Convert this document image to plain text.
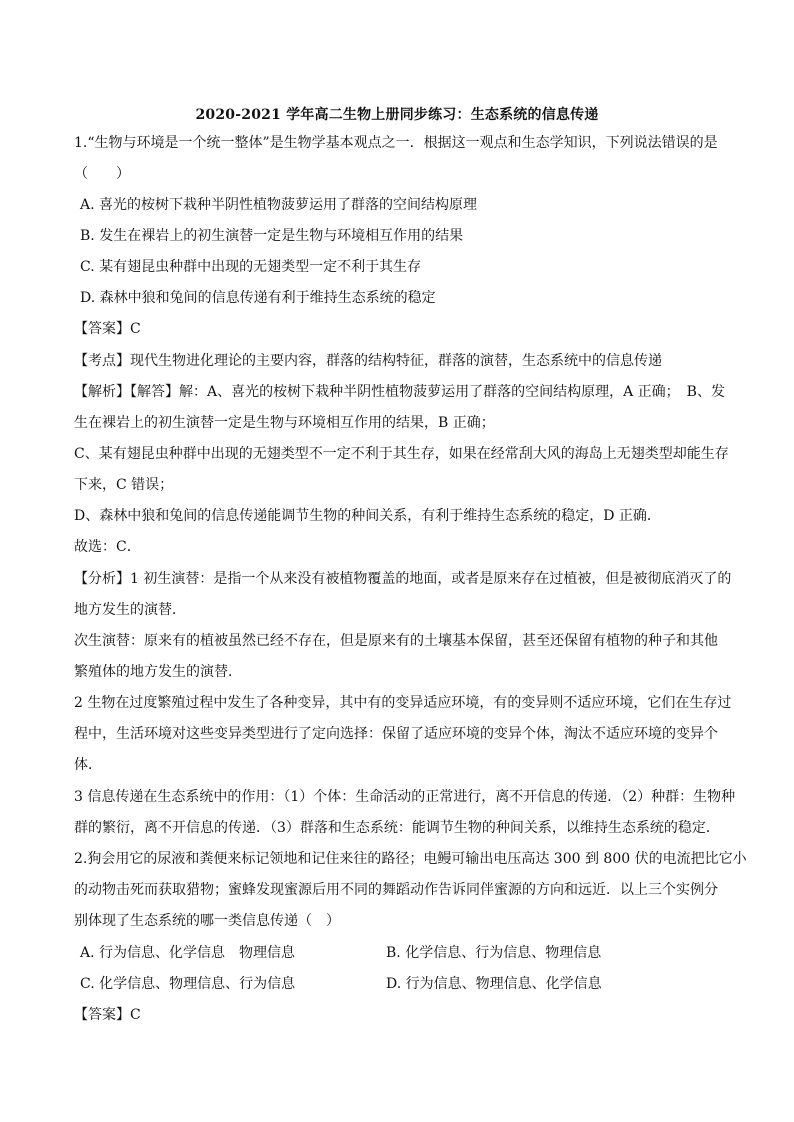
2020-2021 学年高二生物上册同步练习：生态系统的信息传递
1.“生物与环境是一个统一整体”是生物学基本观点之一．根据这一观点和生态学知识，下列说法错误的是
（ ）
A. 喜光的桉树下栽种半阴性植物菠萝运用了群落的空间结构原理
B. 发生在裸岩上的初生演替一定是生物与环境相互作用的结果
C. 某有翅昆虫种群中出现的无翅类型一定不利于其生存
D. 森林中狼和兔间的信息传递有利于维持生态系统的稳定
【答案】C
【考点】现代生物进化理论的主要内容，群落的结构特征，群落的演替，生态系统中的信息传递
【解析】【解答】解：A、喜光的桉树下栽种半阴性植物菠萝运用了群落的空间结构原理，A 正确；　B、发
生在裸岩上的初生演替一定是生物与环境相互作用的结果，B 正确；
C、某有翅昆虫种群中出现的无翅类型不一定不利于其生存，如果在经常刮大风的海岛上无翅类型却能生存
下来，C 错误；
D、森林中狼和兔间的信息传递能调节生物的种间关系，有利于维持生态系统的稳定，D 正确．
故选：C．
【分析】1 初生演替：是指一个从来没有被植物覆盖的地面，或者是原来存在过植被，但是被彻底消灭了的
地方发生的演替．
次生演替：原来有的植被虽然已经不存在，但是原来有的土壤基本保留，甚至还保留有植物的种子和其他
繁殖体的地方发生的演替．
2 生物在过度繁殖过程中发生了各种变异，其中有的变异适应环境，有的变异则不适应环境，它们在生存过
程中，生活环境对这些变异类型进行了定向选择：保留了适应环境的变异个体，淘汰不适应环境的变异个
体．
3 信息传递在生态系统中的作用：（1）个体：生命活动的正常进行，离不开信息的传递．（2）种群：生物种
群的繁衍，离不开信息的传递．（3）群落和生态系统：能调节生物的种间关系，以维持生态系统的稳定．
2.狗会用它的尿液和粪便来标记领地和记住来往的路径；电鳗可输出电压高达 300 到 800 伏的电流把比它小
的动物击死而获取猎物；蜜蜂发现蜜源后用不同的舞蹈动作告诉同伴蜜源的方向和远近．以上三个实例分
别体现了生态系统的哪一类信息传递（　）
A. 行为信息、化学信息　物理信息	B. 化学信息、行为信息、物理信息
C. 化学信息、物理信息、行为信息	D. 行为信息、物理信息、化学信息
【答案】C
